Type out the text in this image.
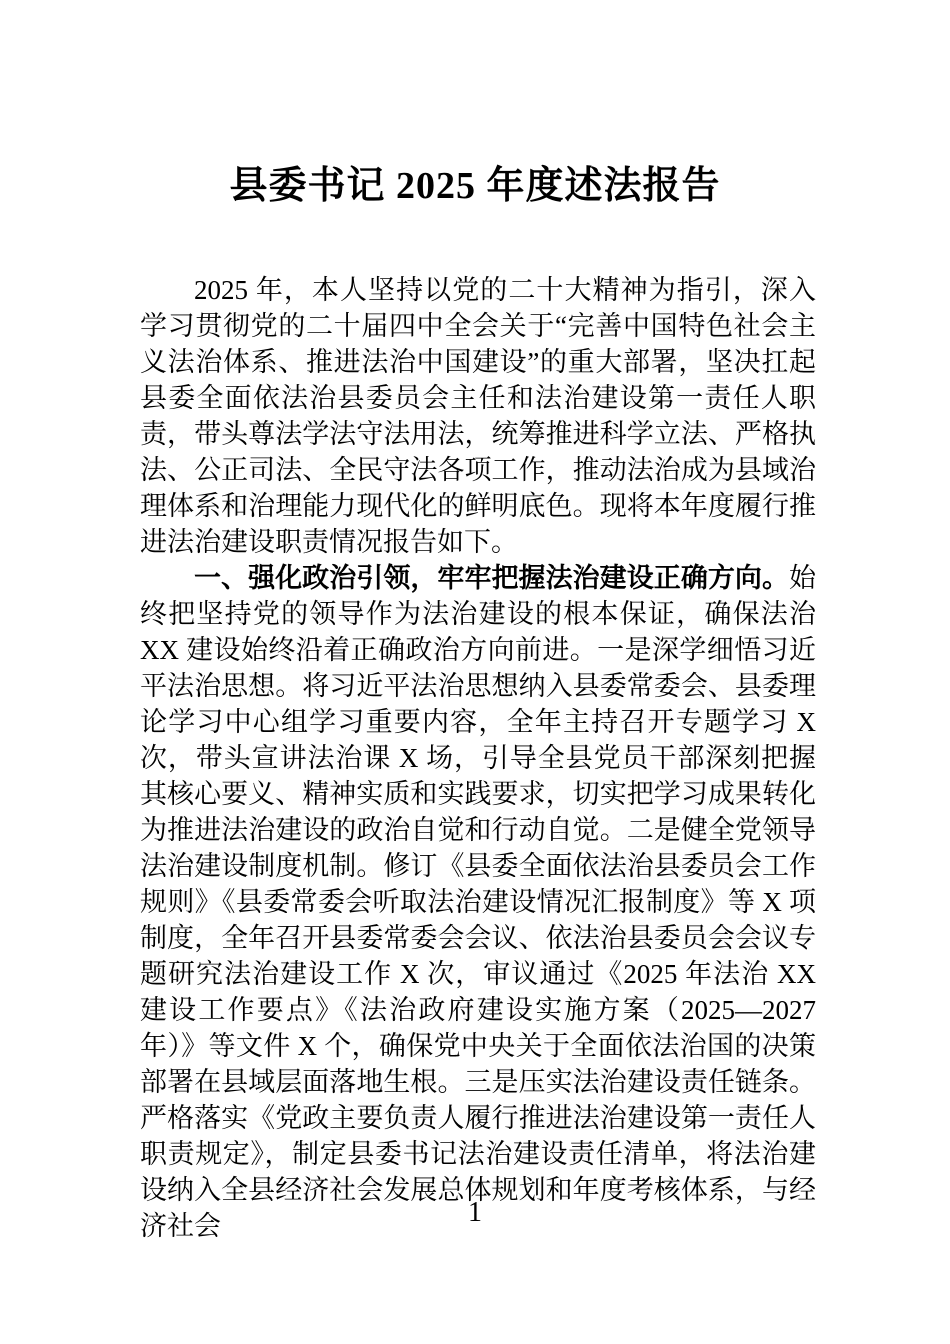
县委书记 2025 年度述法报告

2025 年，本人坚持以党的二十大精神为指引，深入学习贯彻党的二十届四中全会关于“完善中国特色社会主义法治体系、推进法治中国建设”的重大部署，坚决扛起县委全面依法治县委员会主任和法治建设第一责任人职责，带头尊法学法守法用法，统筹推进科学立法、严格执法、公正司法、全民守法各项工作，推动法治成为县域治理体系和治理能力现代化的鲜明底色。现将本年度履行推进法治建设职责情况报告如下。

一、强化政治引领，牢牢把握法治建设正确方向。始终把坚持党的领导作为法治建设的根本保证，确保法治 XX 建设始终沿着正确政治方向前进。一是深学细悟习近平法治思想。将习近平法治思想纳入县委常委会、县委理论学习中心组学习重要内容，全年主持召开专题学习 X 次，带头宣讲法治课 X 场，引导全县党员干部深刻把握其核心要义、精神实质和实践要求，切实把学习成果转化为推进法治建设的政治自觉和行动自觉。二是健全党领导法治建设制度机制。修订《县委全面依法治县委员会工作规则》《县委常委会听取法治建设情况汇报制度》等 X 项制度，全年召开县委常委会会议、依法治县委员会会议专题研究法治建设工作 X 次，审议通过《2025 年法治 XX 建设工作要点》《法治政府建设实施方案（2025—2027 年）》等文件 X 个，确保党中央关于全面依法治国的决策部署在县域层面落地生根。三是压实法治建设责任链条。严格落实《党政主要负责人履行推进法治建设第一责任人职责规定》，制定县委书记法治建设责任清单，将法治建设纳入全县经济社会发展总体规划和年度考核体系，与经济社会	1
